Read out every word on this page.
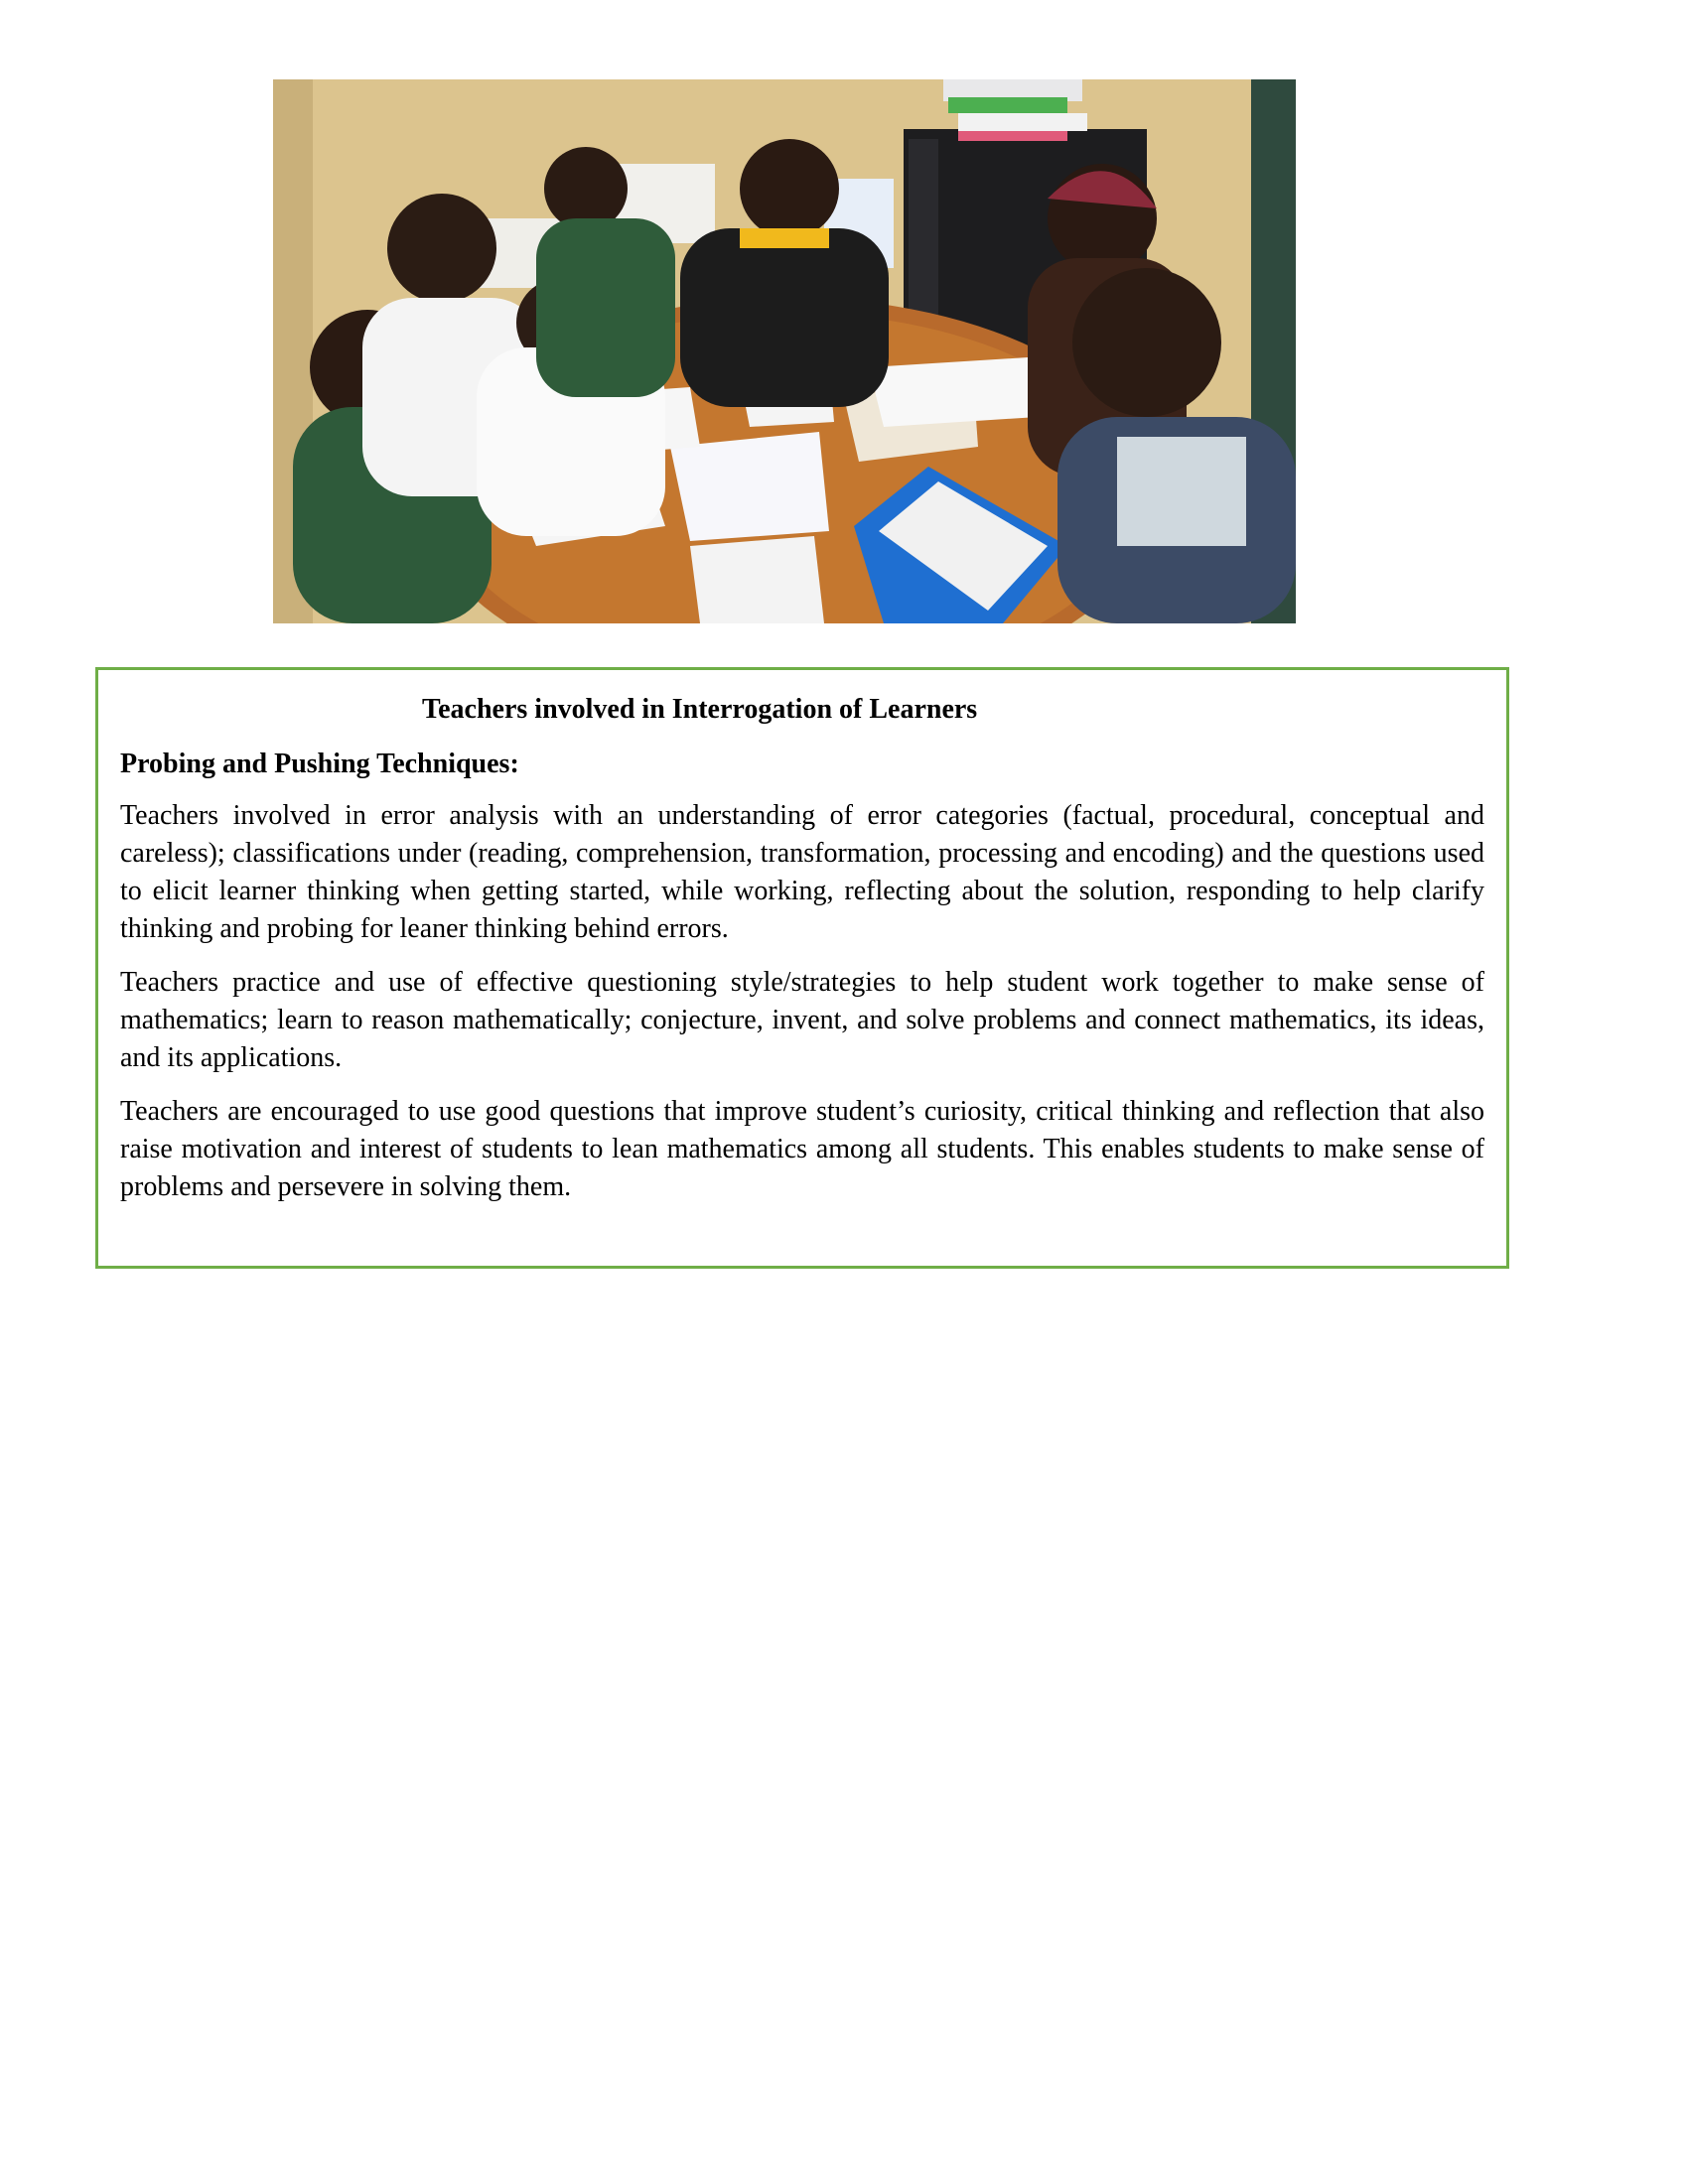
Teachers involved in Interrogation of Learners
Probing and Pushing Techniques:

Teachers involved in error analysis with an understanding of error categories (factual, procedural, conceptual and careless); classifications under (reading, comprehension, transformation, processing and encoding) and the questions used to elicit learner thinking when getting started, while working, reflecting about the solution, responding to help clarify thinking and probing for leaner thinking behind errors.

Teachers practice and use of effective questioning style/strategies to help student work together to make sense of mathematics; learn to reason mathematically; conjecture, invent, and solve problems and connect mathematics, its ideas, and its applications.

Teachers are encouraged to use good questions that improve student’s curiosity, critical thinking and reflection that also raise motivation and interest of students to lean mathematics among all students. This enables students to make sense of problems and persevere in solving them.
